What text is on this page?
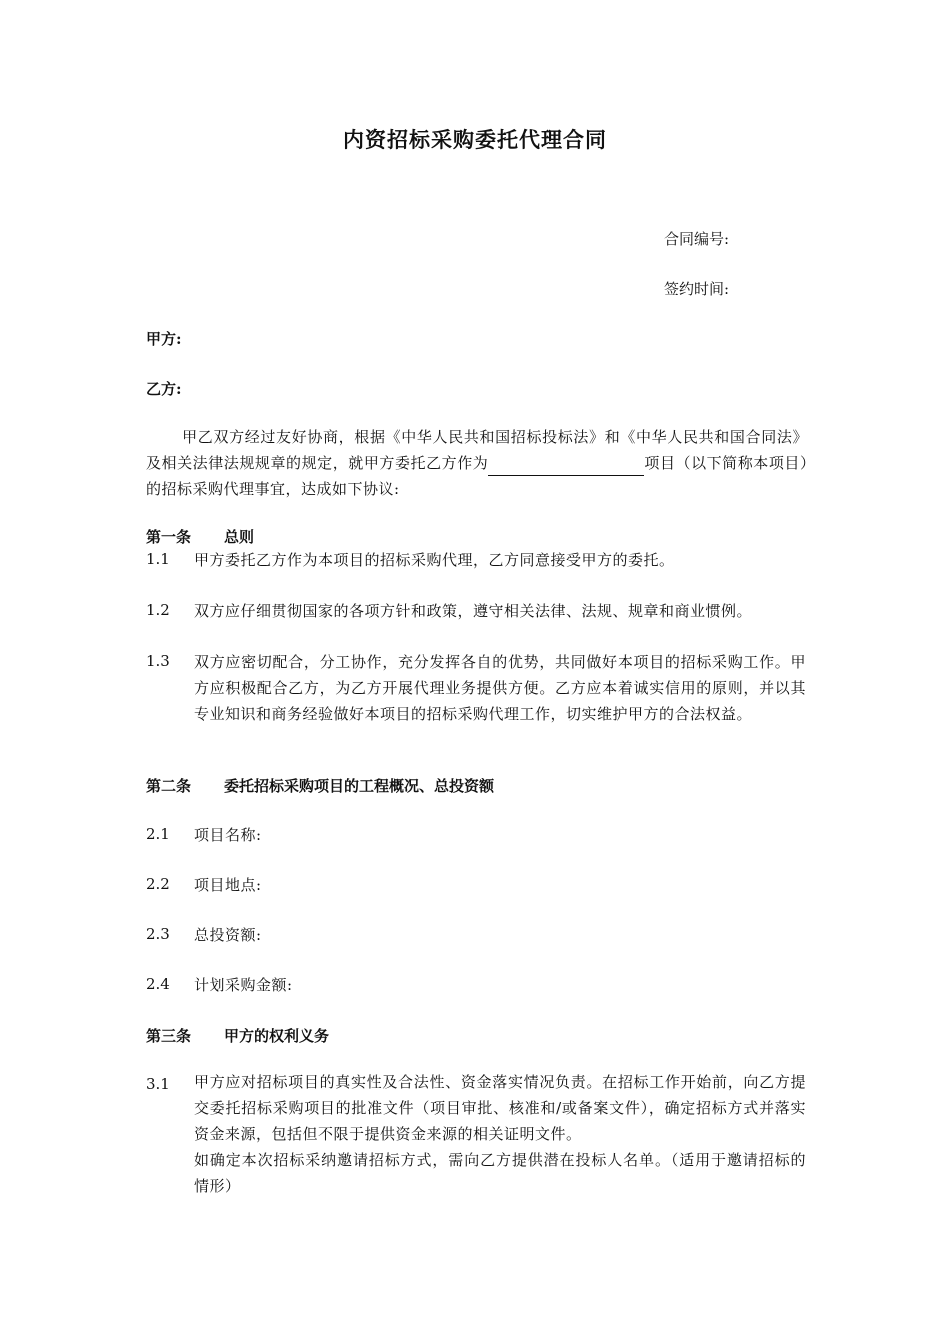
内资招标采购委托代理合同
合同编号:
签约时间:
甲方:
乙方:
甲乙双方经过友好协商，根据《中华人民共和国招标投标法》和《中华人民共和国合同法》及相关法律法规规章的规定，就甲方委托乙方作为	项目（以下简称本项目）的招标采购代理事宜，达成如下协议:
第一条 总则
1.1 甲方委托乙方作为本项目的招标采购代理，乙方同意接受甲方的委托。
1.2 双方应仔细贯彻国家的各项方针和政策，遵守相关法律、法规、规章和商业惯例。
1.3 双方应密切配合，分工协作，充分发挥各自的优势，共同做好本项目的招标采购工作。甲方应积极配合乙方，为乙方开展代理业务提供方便。乙方应本着诚实信用的原则，并以其专业知识和商务经验做好本项目的招标采购代理工作，切实维护甲方的合法权益。
第二条 委托招标采购项目的工程概况、总投资额
2.1 项目名称:
2.2 项目地点:
2.3 总投资额:
2.4 计划采购金额:
第三条 甲方的权利义务
3.1 甲方应对招标项目的真实性及合法性、资金落实情况负责。在招标工作开始前，向乙方提交委托招标采购项目的批准文件（项目审批、核准和/或备案文件），确定招标方式并落实资金来源，包括但不限于提供资金来源的相关证明文件。
如确定本次招标采纳邀请招标方式，需向乙方提供潜在投标人名单。（适用于邀请招标的情形）
